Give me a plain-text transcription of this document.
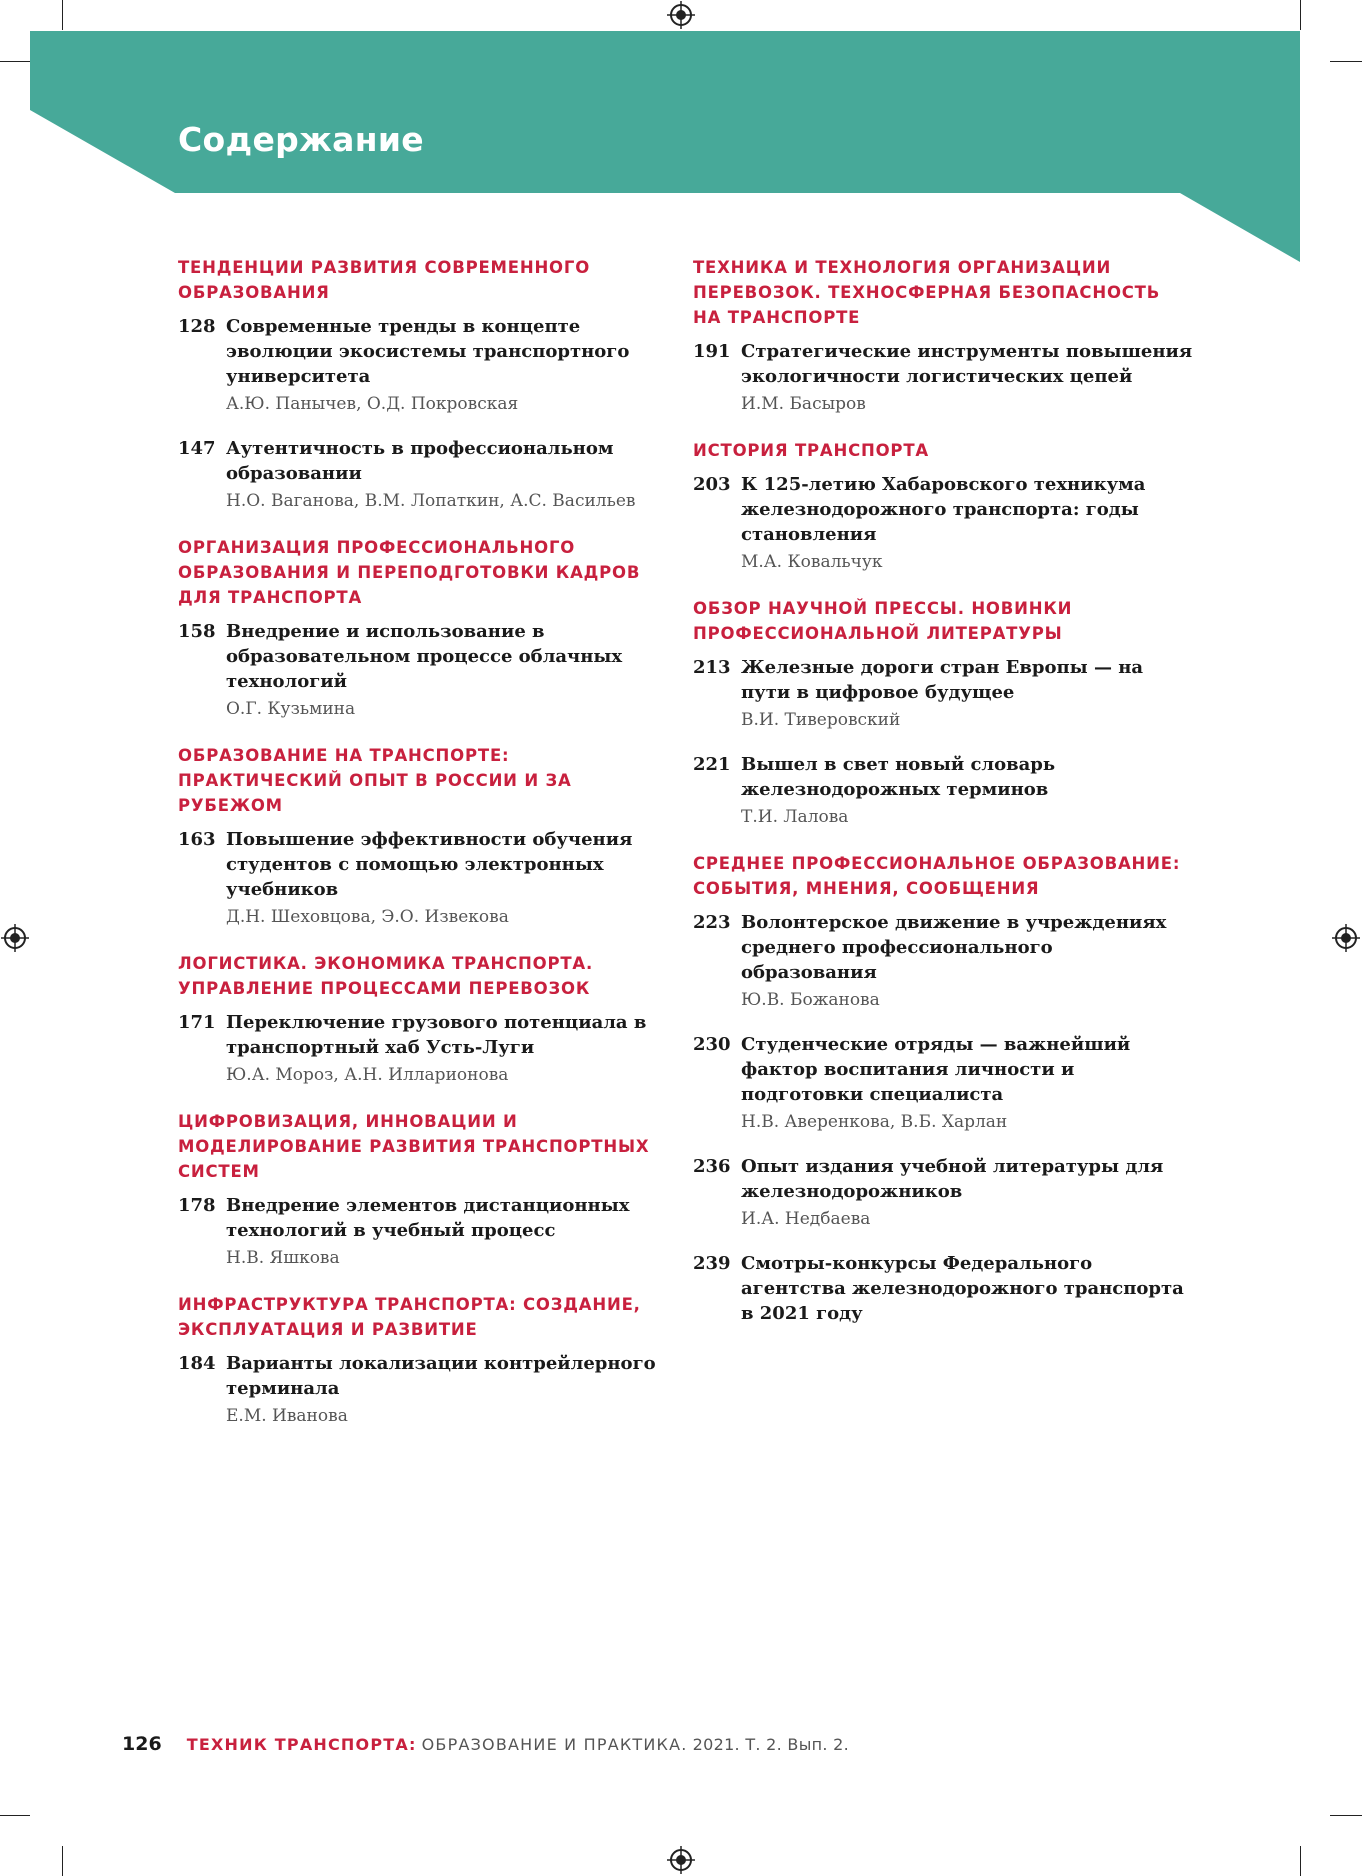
Содержание
ТЕНДЕНЦИИ РАЗВИТИЯ СОВРЕМЕННОГО ОБРАЗОВАНИЯ
128 Современные тренды в концепте эволюции экосистемы транспортного университета
А.Ю. Панычев, О.Д. Покровская
147 Аутентичность в профессиональном образовании
Н.О. Ваганова, В.М. Лопаткин, А.С. Васильев
ОРГАНИЗАЦИЯ ПРОФЕССИОНАЛЬНОГО ОБРАЗОВАНИЯ И ПЕРЕПОДГОТОВКИ КАДРОВ ДЛЯ ТРАНСПОРТА
158 Внедрение и использование в образовательном процессе облачных технологий
О.Г. Кузьмина
ОБРАЗОВАНИЕ НА ТРАНСПОРТЕ: ПРАКТИЧЕСКИЙ ОПЫТ В РОССИИ И ЗА РУБЕЖОМ
163 Повышение эффективности обучения студентов с помощью электронных учебников
Д.Н. Шеховцова, Э.О. Извекова
ЛОГИСТИКА. ЭКОНОМИКА ТРАНСПОРТА. УПРАВЛЕНИЕ ПРОЦЕССАМИ ПЕРЕВОЗОК
171 Переключение грузового потенциала в транспортный хаб Усть-Луги
Ю.А. Мороз, А.Н. Илларионова
ЦИФРОВИЗАЦИЯ, ИННОВАЦИИ И МОДЕЛИРОВАНИЕ РАЗВИТИЯ ТРАНСПОРТНЫХ СИСТЕМ
178 Внедрение элементов дистанционных технологий в учебный процесс
Н.В. Яшкова
ИНФРАСТРУКТУРА ТРАНСПОРТА: СОЗДАНИЕ, ЭКСПЛУАТАЦИЯ И РАЗВИТИЕ
184 Варианты локализации контрейлерного терминала
Е.М. Иванова
ТЕХНИКА И ТЕХНОЛОГИЯ ОРГАНИЗАЦИИ ПЕРЕВОЗОК. ТЕХНОСФЕРНАЯ БЕЗОПАСНОСТЬ НА ТРАНСПОРТЕ
191 Стратегические инструменты повышения экологичности логистических цепей
И.М. Басыров
ИСТОРИЯ ТРАНСПОРТА
203 К 125-летию Хабаровского техникума железнодорожного транспорта: годы становления
М.А. Ковальчук
ОБЗОР НАУЧНОЙ ПРЕССЫ. НОВИНКИ ПРОФЕССИОНАЛЬНОЙ ЛИТЕРАТУРЫ
213 Железные дороги стран Европы — на пути в цифровое будущее
В.И. Тиверовский
221 Вышел в свет новый словарь железнодорожных терминов
Т.И. Лалова
СРЕДНЕЕ ПРОФЕССИОНАЛЬНОЕ ОБРАЗОВАНИЕ: СОБЫТИЯ, МНЕНИЯ, СООБЩЕНИЯ
223 Волонтерское движение в учреждениях среднего профессионального образования
Ю.В. Божанова
230 Студенческие отряды — важнейший фактор воспитания личности и подготовки специалиста
Н.В. Аверенкова, В.Б. Харлан
236 Опыт издания учебной литературы для железнодорожников
И.А. Недбаева
239 Смотры-конкурсы Федерального агентства железнодорожного транспорта в 2021 году
126 ТЕХНИК ТРАНСПОРТА: ОБРАЗОВАНИЕ И ПРАКТИКА. 2021. Т. 2. Вып. 2.
